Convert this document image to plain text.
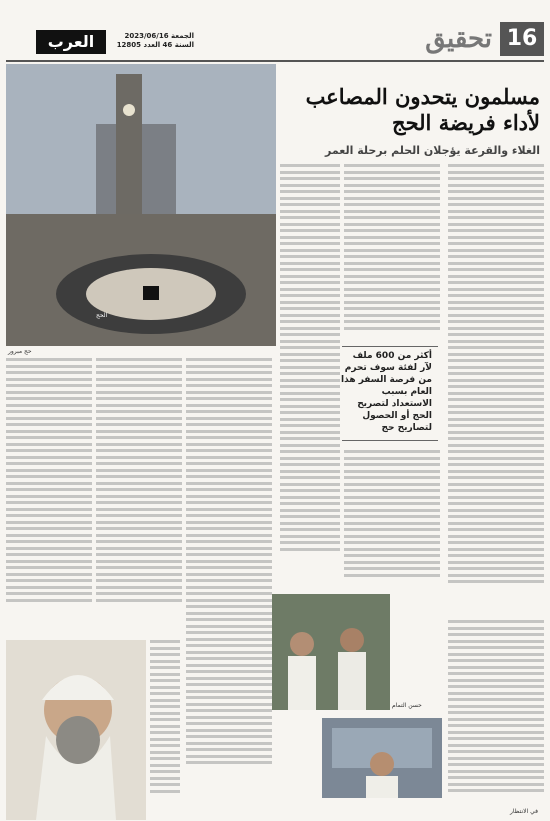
16
تحقيق
العرب	الجمعة 2023/06/16
السنة 46 العدد 12805
مسلمون يتحدون المصاعب لأداء فريضة الحج
الغلاء والقرعة يؤجلان الحلم برحلة العمر
حج مبرور	أكثر من 600 ملف لآر لفئة سوف تحرم من فرصة السفر هذا العام بسبب الاستعداد لتصريح الحج أو الحصول لتصاريح حج
حسن التمام
في الانتظار
الحج
